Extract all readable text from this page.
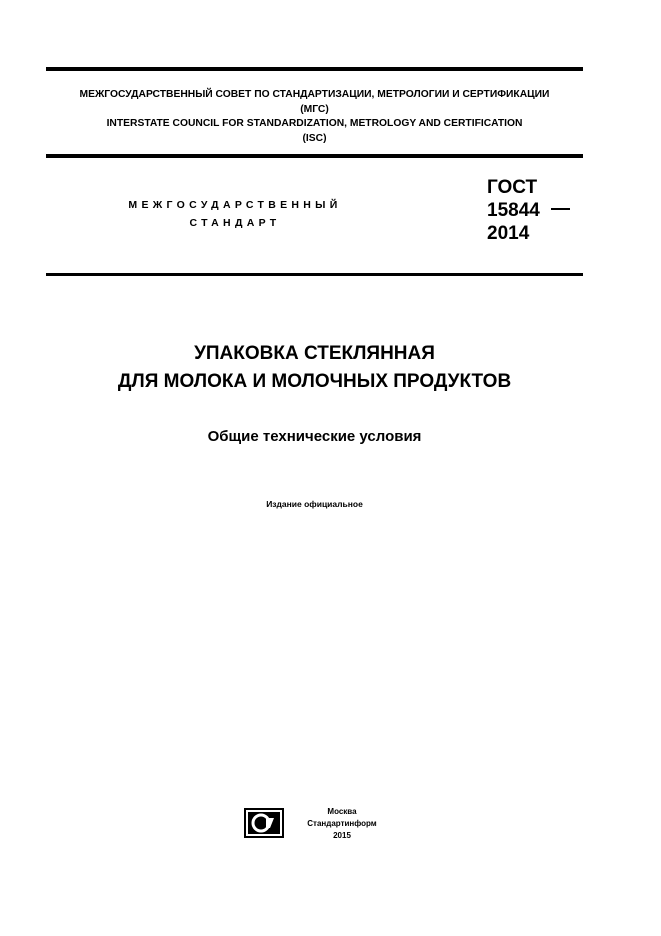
МЕЖГОСУДАРСТВЕННЫЙ СОВЕТ ПО СТАНДАРТИЗАЦИИ, МЕТРОЛОГИИ И СЕРТИФИКАЦИИ
(МГС)
INTERSTATE COUNCIL FOR STANDARDIZATION, METROLOGY AND CERTIFICATION
(ISC)
МЕЖГОСУДАРСТВЕННЫЙ
СТАНДАРТ
ГОСТ
15844
2014
УПАКОВКА СТЕКЛЯННАЯ
ДЛЯ МОЛОКА И МОЛОЧНЫХ ПРОДУКТОВ
Общие технические условия
Издание официальное
Москва
Стандартинформ
2015
